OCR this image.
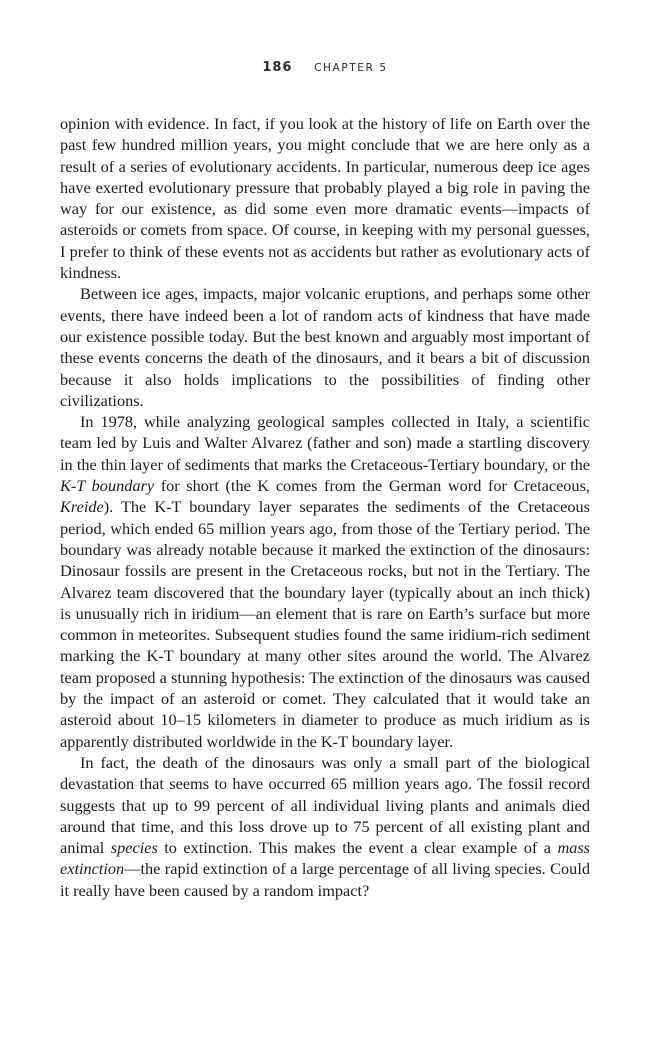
186 CHAPTER 5

opinion with evidence. In fact, if you look at the history of life on Earth over the past few hundred million years, you might conclude that we are here only as a result of a series of evolutionary accidents. In particular, numerous deep ice ages have exerted evolutionary pressure that probably played a big role in paving the way for our existence, as did some even more dramatic events—impacts of asteroids or comets from space. Of course, in keeping with my personal guesses, I prefer to think of these events not as accidents but rather as evolutionary acts of kindness.

Between ice ages, impacts, major volcanic eruptions, and perhaps some other events, there have indeed been a lot of random acts of kindness that have made our existence possible today. But the best known and arguably most important of these events concerns the death of the dinosaurs, and it bears a bit of discussion because it also holds implications to the possibilities of finding other civilizations.

In 1978, while analyzing geological samples collected in Italy, a scientific team led by Luis and Walter Alvarez (father and son) made a startling discovery in the thin layer of sediments that marks the Cretaceous-Tertiary boundary, or the K-T boundary for short (the K comes from the German word for Cretaceous, Kreide). The K-T boundary layer separates the sediments of the Cretaceous period, which ended 65 million years ago, from those of the Tertiary period. The boundary was already notable because it marked the extinction of the dinosaurs: Dinosaur fossils are present in the Cretaceous rocks, but not in the Tertiary. The Alvarez team discovered that the boundary layer (typically about an inch thick) is unusually rich in iridium—an element that is rare on Earth’s surface but more common in meteorites. Subsequent studies found the same iridium-rich sediment marking the K-T boundary at many other sites around the world. The Alvarez team proposed a stunning hypothesis: The extinction of the dinosaurs was caused by the impact of an asteroid or comet. They calculated that it would take an asteroid about 10–15 kilometers in diameter to produce as much iridium as is apparently distributed worldwide in the K-T boundary layer.

In fact, the death of the dinosaurs was only a small part of the biological devastation that seems to have occurred 65 million years ago. The fossil record suggests that up to 99 percent of all individual living plants and animals died around that time, and this loss drove up to 75 percent of all existing plant and animal species to extinction. This makes the event a clear example of a mass extinction—the rapid extinction of a large percentage of all living species. Could it really have been caused by a random impact?
